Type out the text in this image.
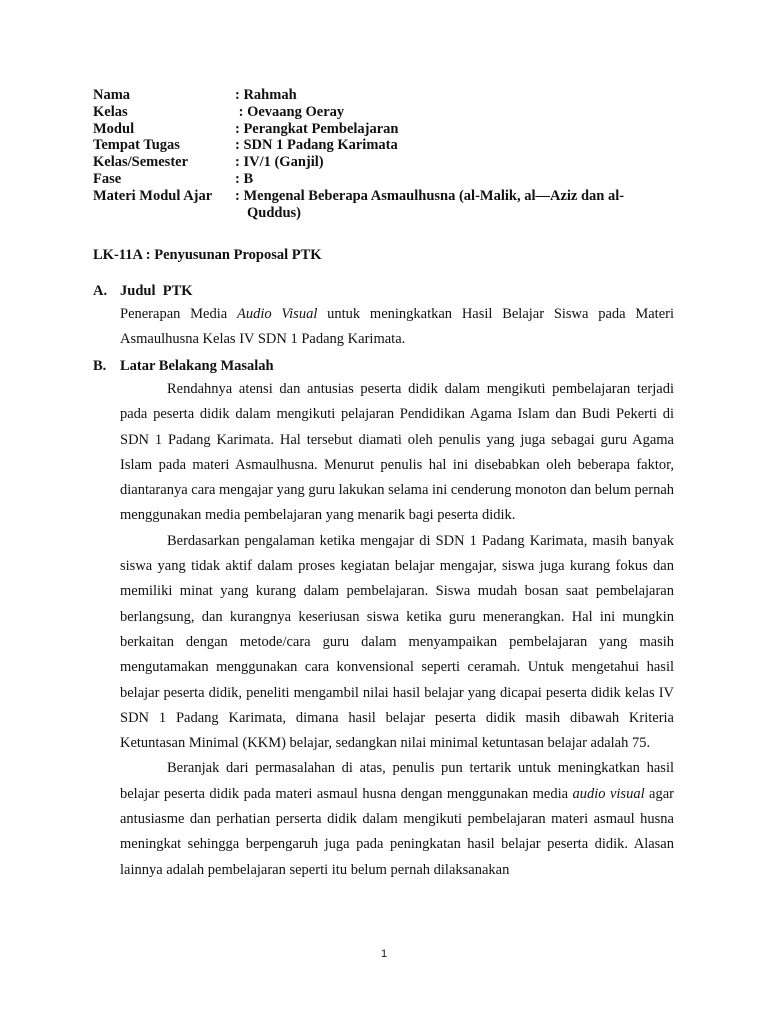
Nama	: Rahmah
Kelas	: Oevaang Oeray
Modul	: Perangkat Pembelajaran
Tempat Tugas	: SDN 1 Padang Karimata
Kelas/Semester	: IV/1 (Ganjil)
Fase	: B
Materi Modul Ajar	: Mengenal Beberapa Asmaulhusna (al-Malik, al—Aziz dan al-
Quddus)
LK-11A : Penyusunan Proposal PTK
A. Judul  PTK

Penerapan Media Audio Visual untuk meningkatkan Hasil Belajar Siswa pada Materi Asmaulhusna Kelas IV SDN 1 Padang Karimata.

B. Latar Belakang Masalah

Rendahnya atensi dan antusias peserta didik dalam mengikuti pembelajaran terjadi pada peserta didik dalam mengikuti pelajaran Pendidikan Agama Islam dan Budi Pekerti di SDN 1 Padang Karimata. Hal tersebut diamati oleh penulis yang juga sebagai guru Agama Islam pada materi Asmaulhusna. Menurut penulis hal ini disebabkan oleh beberapa faktor, diantaranya cara mengajar yang guru lakukan selama ini cenderung monoton dan belum pernah menggunakan media pembelajaran yang menarik bagi peserta didik.

Berdasarkan pengalaman ketika mengajar di SDN 1 Padang Karimata, masih banyak siswa yang tidak aktif dalam proses kegiatan belajar mengajar, siswa juga kurang fokus dan memiliki minat yang kurang dalam pembelajaran. Siswa mudah bosan saat pembelajaran berlangsung, dan kurangnya keseriusan siswa ketika guru menerangkan. Hal ini mungkin berkaitan dengan metode/cara guru dalam menyampaikan pembelajaran yang masih mengutamakan menggunakan cara konvensional seperti ceramah. Untuk mengetahui hasil belajar peserta didik, peneliti mengambil nilai hasil belajar yang dicapai peserta didik kelas IV SDN 1 Padang Karimata, dimana hasil belajar peserta didik masih dibawah Kriteria Ketuntasan Minimal (KKM) belajar, sedangkan nilai minimal ketuntasan belajar adalah 75.

Beranjak dari permasalahan di atas, penulis pun tertarik untuk meningkatkan hasil belajar peserta didik pada materi asmaul husna dengan menggunakan media audio visual agar antusiasme dan perhatian perserta didik dalam mengikuti pembelajaran materi asmaul husna meningkat sehingga berpengaruh juga pada peningkatan hasil belajar peserta didik. Alasan lainnya adalah pembelajaran seperti itu belum pernah dilaksanakan

1
